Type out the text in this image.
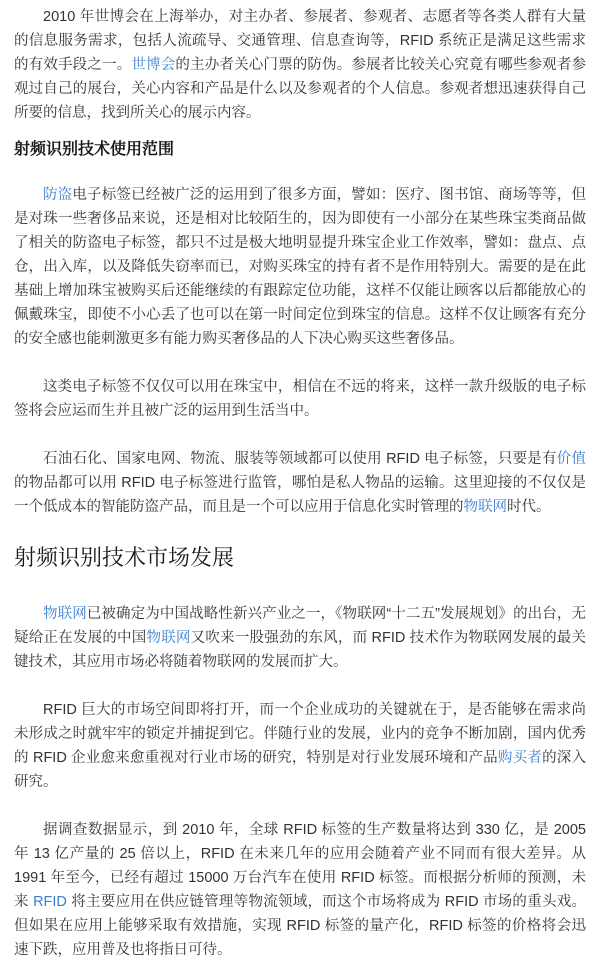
2010 年世博会在上海举办，对主办者、参展者、参观者、志愿者等各类人群有大量的信息服务需求，包括人流疏导、交通管理、信息查询等，RFID 系统正是满足这些需求的有效手段之一。世博会的主办者关心门票的防伪。参展者比较关心究竟有哪些参观者参观过自己的展台，关心内容和产品是什么以及参观者的个人信息。参观者想迅速获得自己所要的信息，找到所关心的展示内容。

射频识别技术使用范围

防盗电子标签已经被广泛的运用到了很多方面，譬如：医疗、图书馆、商场等等，但是对珠一些奢侈品来说，还是相对比较陌生的，因为即使有一小部分在某些珠宝类商品做了相关的防盗电子标签，都只不过是极大地明显提升珠宝企业工作效率，譬如：盘点、点仓，出入库，以及降低失窃率而已，对购买珠宝的持有者不是作用特别大。需要的是在此基础上增加珠宝被购买后还能继续的有跟踪定位功能，这样不仅能让顾客以后都能放心的佩戴珠宝，即使不小心丢了也可以在第一时间定位到珠宝的信息。这样不仅让顾客有充分的安全感也能刺激更多有能力购买奢侈品的人下决心购买这些奢侈品。

这类电子标签不仅仅可以用在珠宝中，相信在不远的将来，这样一款升级版的电子标签将会应运而生并且被广泛的运用到生活当中。

石油石化、国家电网、物流、服装等领域都可以使用 RFID 电子标签，只要是有价值的物品都可以用 RFID 电子标签进行监管，哪怕是私人物品的运输。这里迎接的不仅仅是一个低成本的智能防盗产品，而且是一个可以应用于信息化实时管理的物联网时代。

射频识别技术市场发展

物联网已被确定为中国战略性新兴产业之一，《物联网“十二五”发展规划》的出台，无疑给正在发展的中国物联网又吹来一股强劲的东风，而 RFID 技术作为物联网发展的最关键技术，其应用市场必将随着物联网的发展而扩大。

RFID 巨大的市场空间即将打开，而一个企业成功的关键就在于，是否能够在需求尚未形成之时就牢牢的锁定并捕捉到它。伴随行业的发展，业内的竞争不断加剧，国内优秀的 RFID 企业愈来愈重视对行业市场的研究，特别是对行业发展环境和产品购买者的深入研究。

据调查数据显示，到 2010 年，全球 RFID 标签的生产数量将达到 330 亿，是 2005 年 13 亿产量的 25 倍以上，RFID 在未来几年的应用会随着产业不同而有很大差异。从 1991 年至今，已经有超过 15000 万台汽车在使用 RFID 标签。而根据分析师的预测，未来 RFID 将主要应用在供应链管理等物流领域，而这个市场将成为 RFID 市场的重头戏。但如果在应用上能够采取有效措施，实现 RFID 标签的量产化，RFID 标签的价格将会迅速下跌，应用普及也将指日可待。
